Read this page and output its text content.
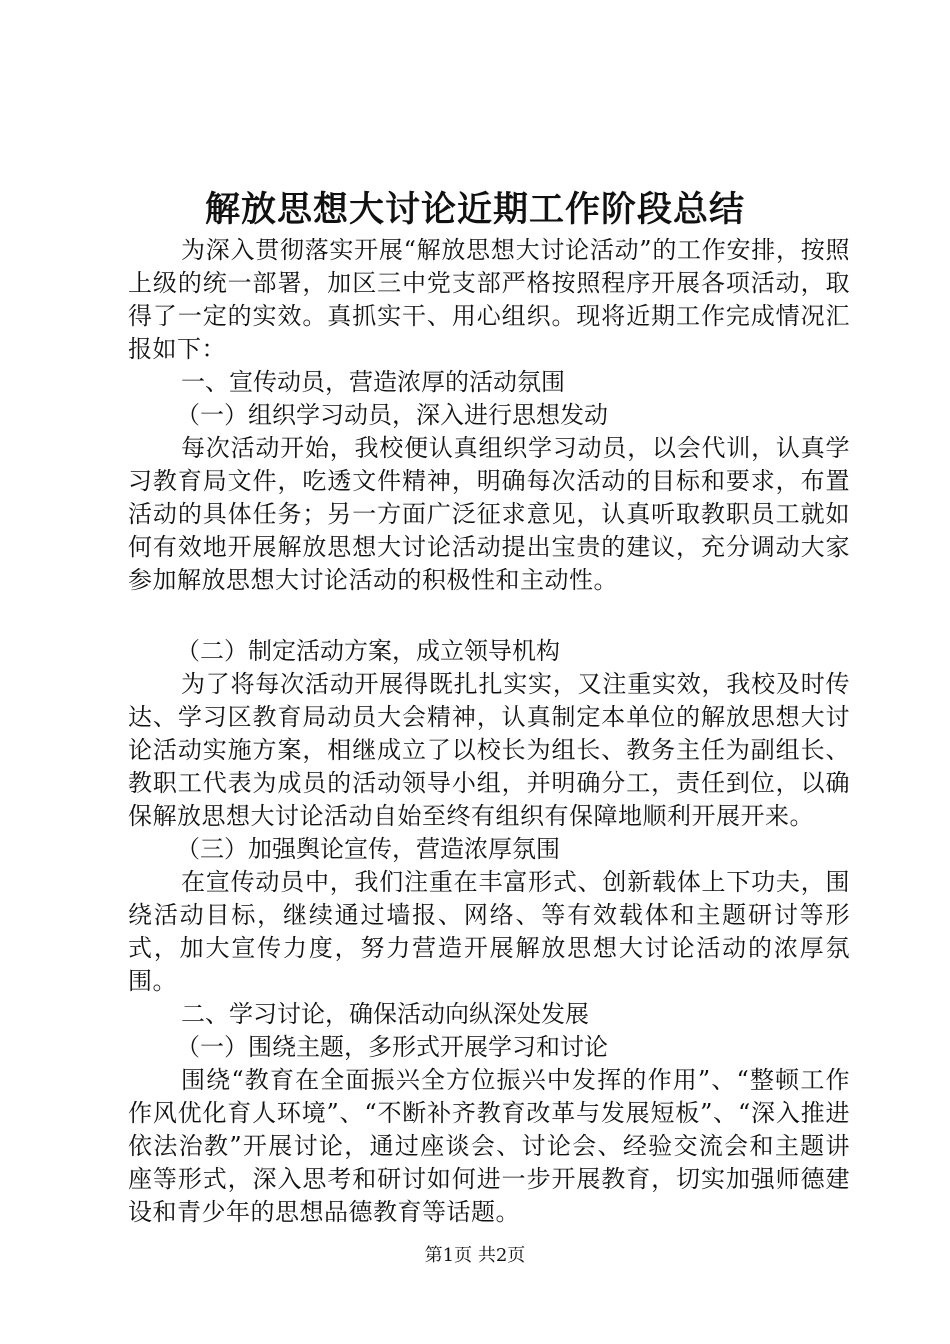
解放思想大讨论近期工作阶段总结

为深入贯彻落实开展“解放思想大讨论活动”的工作安排，按照上级的统一部署，加区三中党支部严格按照程序开展各项活动，取得了一定的实效。真抓实干、用心组织。现将近期工作完成情况汇报如下：

一、宣传动员，营造浓厚的活动氛围

（一）组织学习动员，深入进行思想发动

每次活动开始，我校便认真组织学习动员，以会代训，认真学习教育局文件，吃透文件精神，明确每次活动的目标和要求，布置活动的具体任务；另一方面广泛征求意见，认真听取教职员工就如何有效地开展解放思想大讨论活动提出宝贵的建议，充分调动大家参加解放思想大讨论活动的积极性和主动性。

（二）制定活动方案，成立领导机构

为了将每次活动开展得既扎扎实实，又注重实效，我校及时传达、学习区教育局动员大会精神，认真制定本单位的解放思想大讨论活动实施方案，相继成立了以校长为组长、教务主任为副组长、教职工代表为成员的活动领导小组，并明确分工，责任到位，以确保解放思想大讨论活动自始至终有组织有保障地顺利开展开来。

（三）加强舆论宣传，营造浓厚氛围

在宣传动员中，我们注重在丰富形式、创新载体上下功夫，围绕活动目标，继续通过墙报、网络、等有效载体和主题研讨等形式，加大宣传力度，努力营造开展解放思想大讨论活动的浓厚氛围。

二、学习讨论，确保活动向纵深处发展

（一）围绕主题，多形式开展学习和讨论

围绕“教育在全面振兴全方位振兴中发挥的作用”、“整顿工作作风优化育人环境”、“不断补齐教育改革与发展短板”、“深入推进依法治教”开展讨论，通过座谈会、讨论会、经验交流会和主题讲座等形式，深入思考和研讨如何进一步开展教育，切实加强师德建设和青少年的思想品德教育等话题。

第1页 共2页
